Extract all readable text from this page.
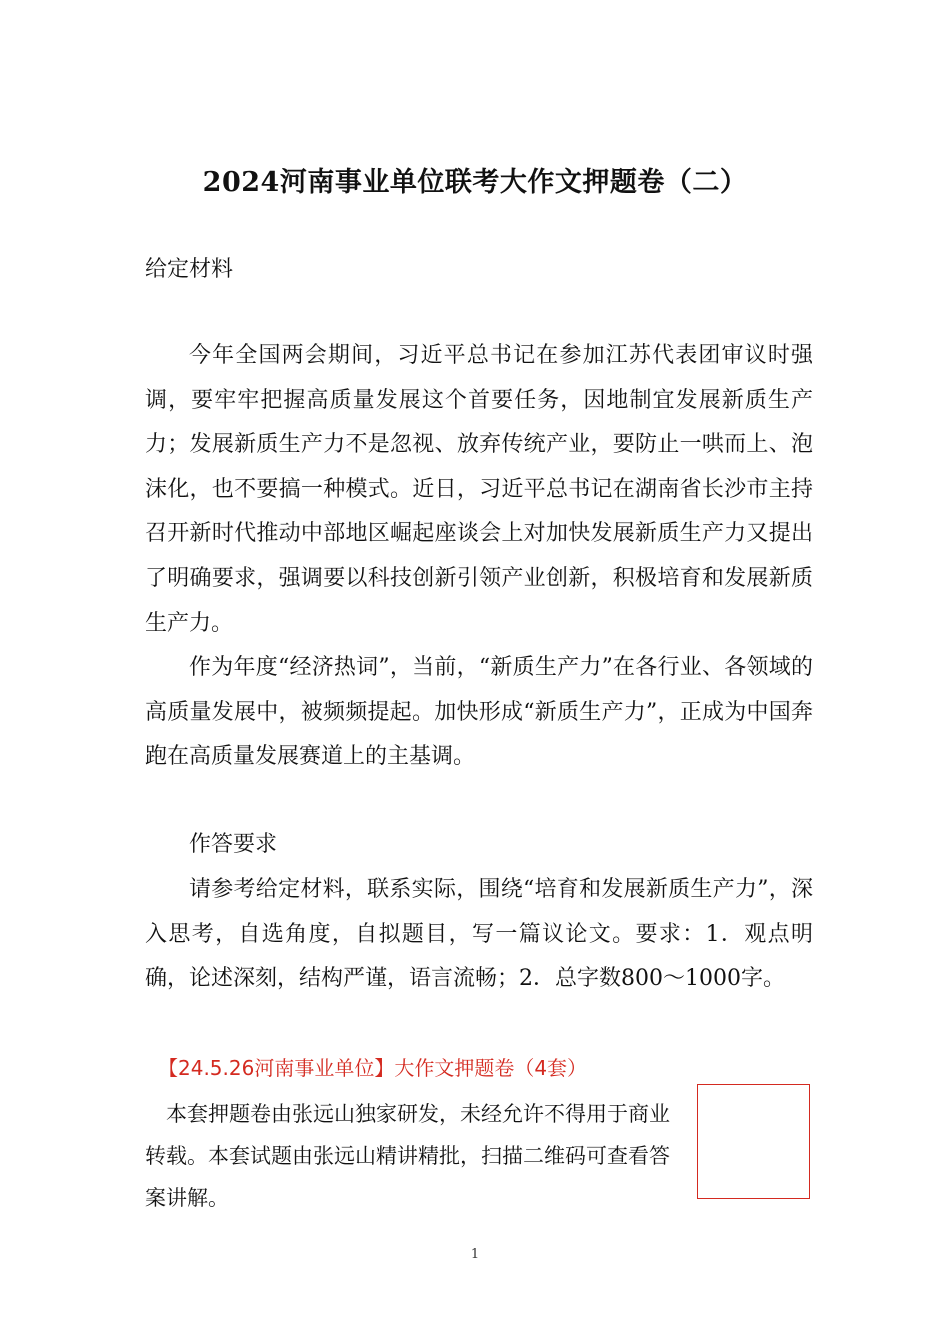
2024河南事业单位联考大作文押题卷（二）
给定材料

今年全国两会期间，习近平总书记在参加江苏代表团审议时强调，要牢牢把握高质量发展这个首要任务，因地制宜发展新质生产力；发展新质生产力不是忽视、放弃传统产业，要防止一哄而上、泡沫化，也不要搞一种模式。近日，习近平总书记在湖南省长沙市主持召开新时代推动中部地区崛起座谈会上对加快发展新质生产力又提出了明确要求，强调要以科技创新引领产业创新，积极培育和发展新质生产力。

作为年度“经济热词”，当前，“新质生产力”在各行业、各领域的高质量发展中，被频频提起。加快形成“新质生产力”，正成为中国奔跑在高质量发展赛道上的主基调。

作答要求

请参考给定材料，联系实际，围绕“培育和发展新质生产力”，深入思考，自选角度，自拟题目，写一篇议论文。要求：1．观点明确，论述深刻，结构严谨，语言流畅；2．总字数800～1000字。

【24.5.26河南事业单位】大作文押题卷（4套）

本套押题卷由张远山独家研发，未经允许不得用于商业转载。本套试题由张远山精讲精批，扫描二维码可查看答案讲解。

1
